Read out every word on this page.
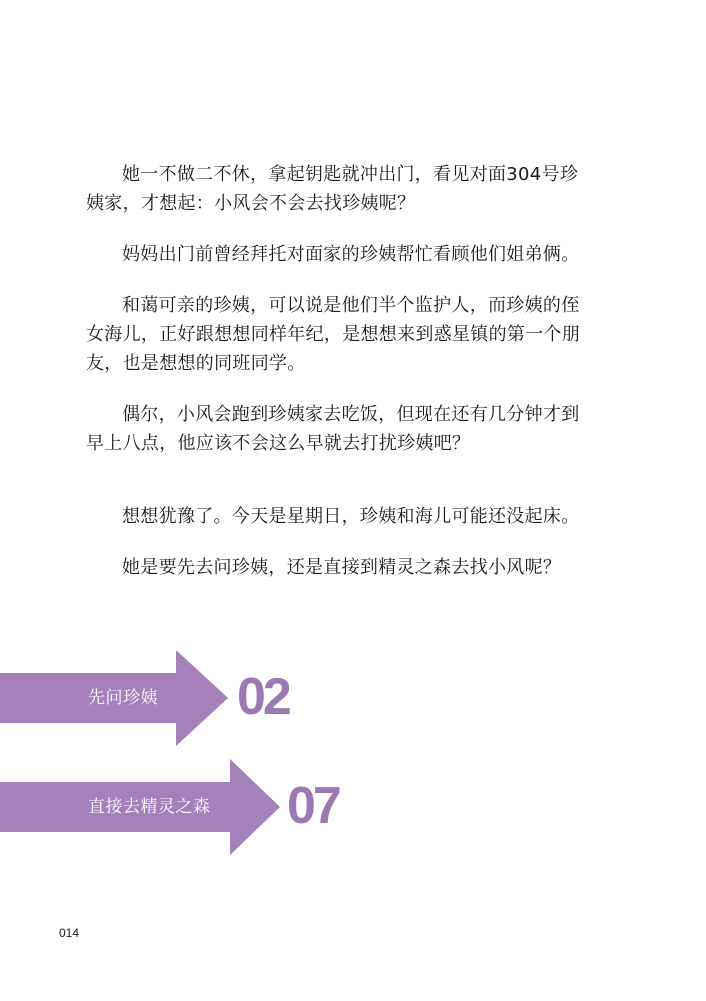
她一不做二不休，拿起钥匙就冲出门，看见对面304号珍姨家，才想起：小风会不会去找珍姨呢？

妈妈出门前曾经拜托对面家的珍姨帮忙看顾他们姐弟俩。

和蔼可亲的珍姨，可以说是他们半个监护人，而珍姨的侄女海儿，正好跟想想同样年纪，是想想来到惑星镇的第一个朋友，也是想想的同班同学。

偶尔，小风会跑到珍姨家去吃饭，但现在还有几分钟才到早上八点，他应该不会这么早就去打扰珍姨吧？

想想犹豫了。今天是星期日，珍姨和海儿可能还没起床。

她是要先去问珍姨，还是直接到精灵之森去找小风呢？

先问珍姨 02
直接去精灵之森 07
014
